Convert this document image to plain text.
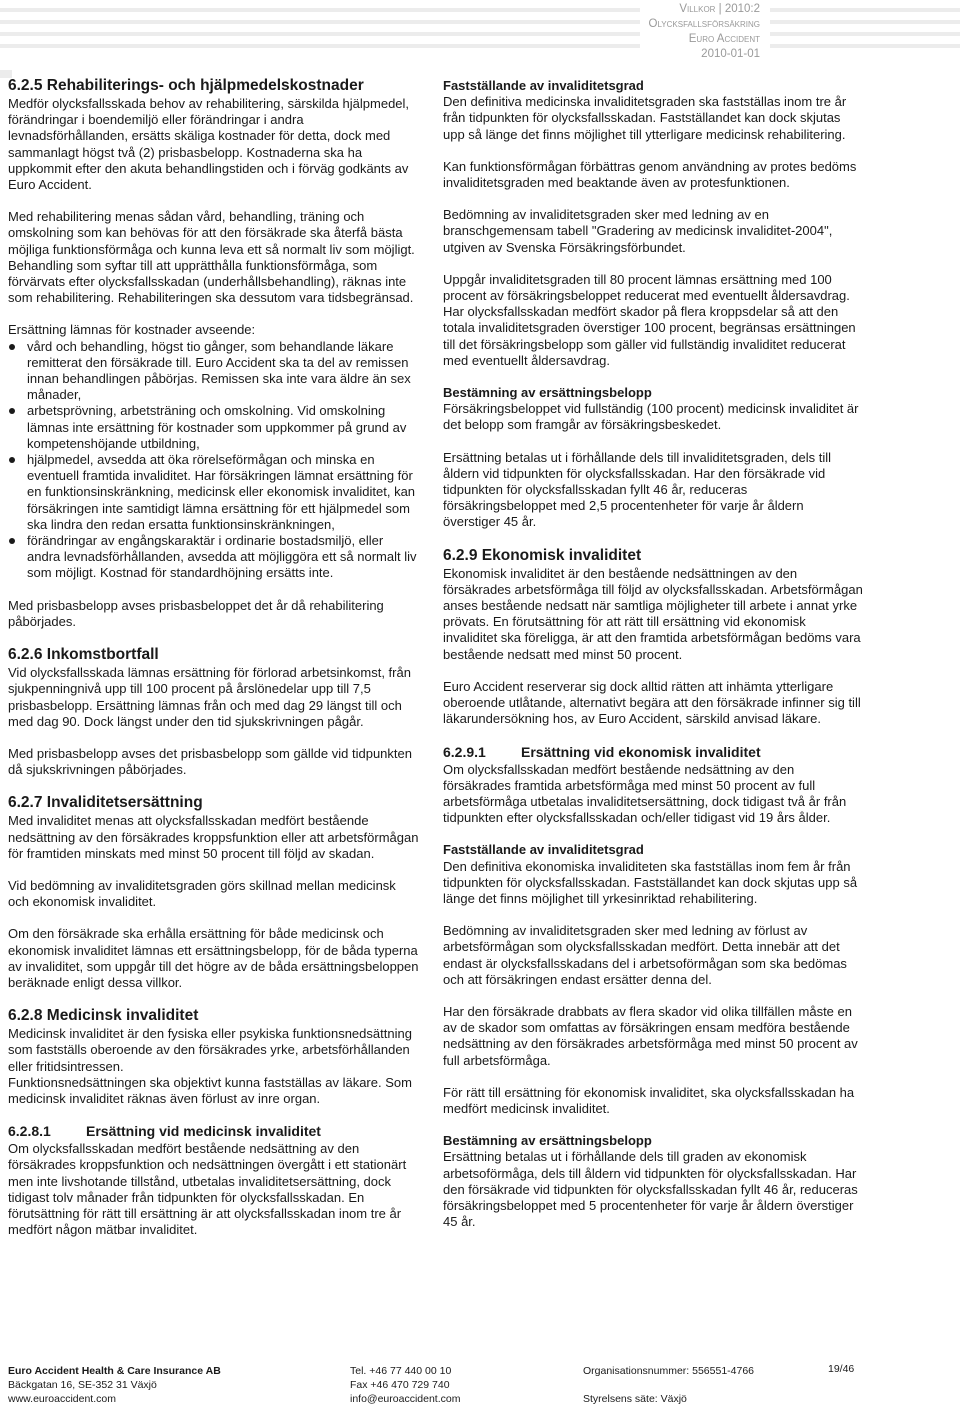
Villkor | 2010:2
Olycksfallsförsäkring
Euro Accident
2010-01-01
6.2.5 Rehabiliterings- och hjälpmedelskostnader

Medför olycksfallsskada behov av rehabilitering, särskilda hjälpmedel, förändringar i boendemiljö eller förändringar i andra levnadsförhållanden, ersätts skäliga kostnader för detta, dock med sammanlagt högst två (2) prisbasbelopp. Kostnaderna ska ha uppkommit efter den akuta behandlingstiden och i förväg godkänts av Euro Accident.

Med rehabilitering menas sådan vård, behandling, träning och omskolning som kan behövas för att den försäkrade ska återfå bästa möjliga funktionsförmåga och kunna leva ett så normalt liv som möjligt. Behandling som syftar till att upprätthålla funktionsförmåga, som förvärvats efter olycksfallsskadan (underhållsbehandling), räknas inte som rehabilitering. Rehabiliteringen ska dessutom vara tidsbegränsad.

Ersättning lämnas för kostnader avseende:

vård och behandling, högst tio gånger, som behandlande läkare remitterat den försäkrade till. Euro Accident ska ta del av remissen innan behandlingen påbörjas. Remissen ska inte vara äldre än sex månader,
arbetsprövning, arbetsträning och omskolning. Vid omskolning lämnas inte ersättning för kostnader som uppkommer på grund av kompetenshöjande utbildning,
hjälpmedel, avsedda att öka rörelseförmågan och minska en eventuell framtida invaliditet. Har försäkringen lämnat ersättning för en funktionsinskränkning, medicinsk eller ekonomisk invaliditet, kan försäkringen inte samtidigt lämna ersättning för ett hjälpmedel som ska lindra den redan ersatta funktionsinskränkningen,
förändringar av engångskaraktär i ordinarie bostadsmiljö, eller andra levnadsförhållanden, avsedda att möjliggöra ett så normalt liv som möjligt. Kostnad för standardhöjning ersätts inte.

Med prisbasbelopp avses prisbasbeloppet det år då rehabilitering påbörjades.

6.2.6 Inkomstbortfall

Vid olycksfallsskada lämnas ersättning för förlorad arbetsinkomst, från sjukpenningnivå upp till 100 procent på årslönedelar upp till 7,5 prisbasbelopp. Ersättning lämnas från och med dag 29 längst till och med dag 90. Dock längst under den tid sjukskrivningen pågår.

Med prisbasbelopp avses det prisbasbelopp som gällde vid tidpunkten då sjukskrivningen påbörjades.

6.2.7 Invaliditetsersättning

Med invaliditet menas att olycksfallsskadan medfört bestående nedsättning av den försäkrades kroppsfunktion eller att arbetsförmågan för framtiden minskats med minst 50 procent till följd av skadan.

Vid bedömning av invaliditetsgraden görs skillnad mellan medicinsk och ekonomisk invaliditet.

Om den försäkrade ska erhålla ersättning för både medicinsk och ekonomisk invaliditet lämnas ett ersättningsbelopp, för de båda typerna av invaliditet, som uppgår till det högre av de båda ersättningsbeloppen beräknade enligt dessa villkor.

6.2.8 Medicinsk invaliditet

Medicinsk invaliditet är den fysiska eller psykiska funktionsnedsättning som fastställs oberoende av den försäkrades yrke, arbetsförhållanden eller fritidsintressen.

Funktionsnedsättningen ska objektivt kunna fastställas av läkare. Som medicinsk invaliditet räknas även förlust av inre organ.

6.2.8.1	Ersättning vid medicinsk invaliditet

Om olycksfallsskadan medfört bestående nedsättning av den försäkrades kroppsfunktion och nedsättningen övergått i ett stationärt men inte livshotande tillstånd, utbetalas invaliditetsersättning, dock tidigast tolv månader från tidpunkten för olycksfallsskadan. En förutsättning för rätt till ersättning är att olycksfallsskadan inom tre år medfört någon mätbar invaliditet.

Fastställande av invaliditetsgrad

Den definitiva medicinska invaliditetsgraden ska fastställas inom tre år från tidpunkten för olycksfallsskadan. Fastställandet kan dock skjutas upp så länge det finns möjlighet till ytterligare medicinsk rehabilitering.

Kan funktionsförmågan förbättras genom användning av protes bedöms invaliditetsgraden med beaktande även av protesfunktionen.

Bedömning av invaliditetsgraden sker med ledning av en branschgemensam tabell "Gradering av medicinsk invaliditet-2004", utgiven av Svenska Försäkringsförbundet.

Uppgår invaliditetsgraden till 80 procent lämnas ersättning med 100 procent av försäkringsbeloppet reducerat med eventuellt åldersavdrag. Har olycksfallsskadan medfört skador på flera kroppsdelar så att den totala invaliditetsgraden överstiger 100 procent, begränsas ersättningen till det försäkringsbelopp som gäller vid fullständig invaliditet reducerat med eventuellt åldersavdrag.

Bestämning av ersättningsbelopp

Försäkringsbeloppet vid fullständig (100 procent) medicinsk invaliditet är det belopp som framgår av försäkringsbeskedet.

Ersättning betalas ut i förhållande dels till invaliditetsgraden, dels till åldern vid tidpunkten för olycksfallsskadan. Har den försäkrade vid tidpunkten för olycksfallsskadan fyllt 46 år, reduceras försäkringsbeloppet med 2,5 procentenheter för varje år åldern överstiger 45 år.

6.2.9 Ekonomisk invaliditet

Ekonomisk invaliditet är den bestående nedsättningen av den försäkrades arbetsförmåga till följd av olycksfallsskadan. Arbetsförmågan anses bestående nedsatt när samtliga möjligheter till arbete i annat yrke prövats. En förutsättning för att rätt till ersättning vid ekonomisk invaliditet ska föreligga, är att den framtida arbetsförmågan bedöms vara bestående nedsatt med minst 50 procent.

Euro Accident reserverar sig dock alltid rätten att inhämta ytterligare oberoende utlåtande, alternativt begära att den försäkrade infinner sig till läkarundersökning hos, av Euro Accident, särskild anvisad läkare.

6.2.9.1	Ersättning vid ekonomisk invaliditet

Om olycksfallsskadan medfört bestående nedsättning av den försäkrades framtida arbetsförmåga med minst 50 procent av full arbetsförmåga utbetalas invaliditetsersättning, dock tidigast två år från tidpunkten efter olycksfallsskadan och/eller tidigast vid 19 års ålder.

Fastställande av invaliditetsgrad

Den definitiva ekonomiska invaliditeten ska fastställas inom fem år från tidpunkten för olycksfallsskadan. Fastställandet kan dock skjutas upp så länge det finns möjlighet till yrkesinriktad rehabilitering.

Bedömning av invaliditetsgraden sker med ledning av förlust av arbetsförmågan som olycksfallsskadan medfört. Detta innebär att det endast är olycksfallsskadans del i arbetsoförmågan som ska bedömas och att försäkringen endast ersätter denna del.

Har den försäkrade drabbats av flera skador vid olika tillfällen måste en av de skador som omfattas av försäkringen ensam medföra bestående nedsättning av den försäkrades arbetsförmåga med minst 50 procent av full arbetsförmåga.

För rätt till ersättning för ekonomisk invaliditet, ska olycksfallsskadan ha medfört medicinsk invaliditet.

Bestämning av ersättningsbelopp

Ersättning betalas ut i förhållande dels till graden av ekonomisk arbetsoförmåga, dels till åldern vid tidpunkten för olycksfallsskadan. Har den försäkrade vid tidpunkten för olycksfallsskadan fyllt 46 år, reduceras försäkringsbeloppet med 5 procentenheter för varje år åldern överstiger 45 år.

Euro Accident Health & Care Insurance AB
Bäckgatan 16, SE-352 31 Växjö
www.euroaccident.com
Tel. +46 77 440 00 10
Fax +46 470 729 740
info@euroaccident.com
Organisationsnummer: 556551-4766

Styrelsens säte: Växjö
19/46
